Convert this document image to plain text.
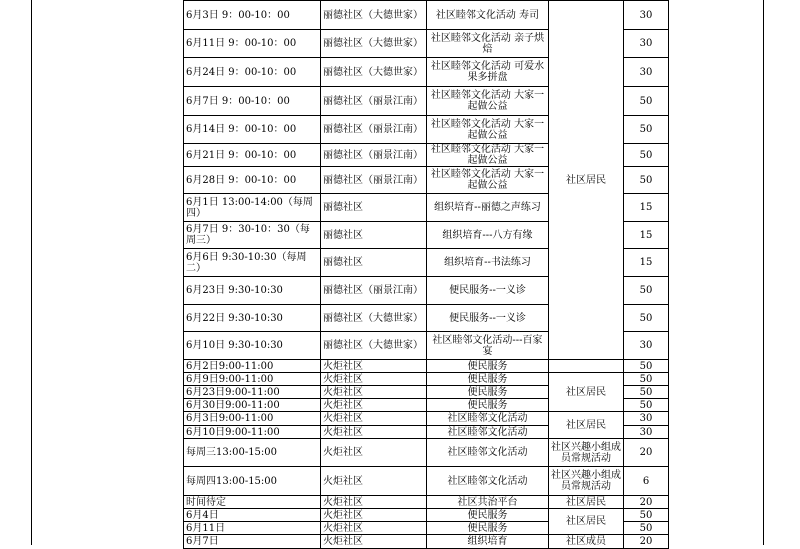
6月3日 9：00-10：00	丽德社区（大德世家）	社区睦邻文化活动 寿司	社区居民	30
6月11日 9：00-10：00	丽德社区（大德世家）	社区睦邻文化活动 亲子烘焙		30
6月24日 9：00-10：00	丽德社区（大德世家）	社区睦邻文化活动 可爱水果多拼盘		30
6月7日 9：00-10：00	丽德社区（丽景江南）	社区睦邻文化活动 大家一起做公益		50
6月14日 9：00-10：00	丽德社区（丽景江南）	社区睦邻文化活动 大家一起做公益		50
6月21日 9：00-10：00	丽德社区（丽景江南）	社区睦邻文化活动 大家一起做公益		50
6月28日 9：00-10：00	丽德社区（丽景江南）	社区睦邻文化活动 大家一起做公益		50
6月1日 13:00-14:00（每周四）	丽德社区	组织培育--丽德之声练习		15
6月7日 9：30-10：30（每周三）	丽德社区	组织培育---八方有缘		15
6月6日 9:30-10:30（每周二）	丽德社区	组织培育--书法练习		15
6月23日 9:30-10:30	丽德社区（丽景江南）	便民服务--一义诊		50
6月22日 9:30-10:30	丽德社区（大德世家）	便民服务--一义诊		50
6月10日 9:30-10:30	丽德社区（大德世家）	社区睦邻文化活动---百家宴		30
6月2日9:00-11:00	火炬社区	便民服务		50
6月9日9:00-11:00	火炬社区	便民服务	社区居民	50
6月23日9:00-11:00	火炬社区	便民服务		50
6月30日9:00-11:00	火炬社区	便民服务		50
6月3日9:00-11:00	火炬社区	社区睦邻文化活动	社区居民	30
6月10日9:00-11:00	火炬社区	社区睦邻文化活动		30
每周三13:00-15:00	火炬社区	社区睦邻文化活动	社区兴趣小组成员常规活动	20
每周四13:00-15:00	火炬社区	社区睦邻文化活动	社区兴趣小组成员常规活动	6
时间待定	火炬社区	社区共治平台	社区居民	20
6月4日	火炬社区	便民服务	社区居民	50
6月11日	火炬社区	便民服务		50
6月7日	火炬社区	组织培育	社区成员	20
